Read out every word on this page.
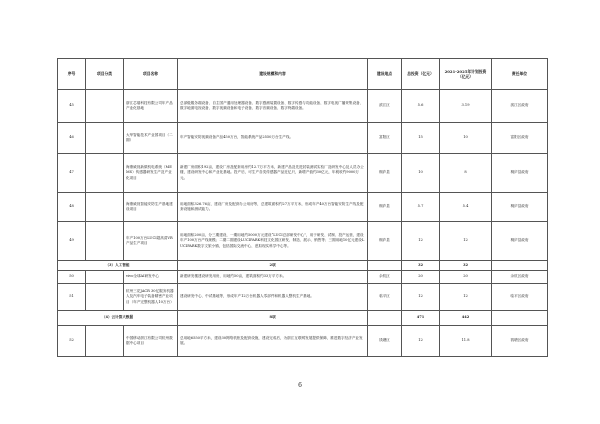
序号	项目分类	项目名称	建设规模和内容	建设地点	总投资（亿元）	2021-2025年计划投资（亿元）	责任单位
45		浙江芯瑞科技有限公司年产品产业化基地	总部级服务端设备、自主国产通用处理器设备、数字感测装置设备、数字传感与功能设备、数字电视广播采集设备、数字地面电视设备、数字视频设备和电子设备、数字音频设备、数字终端设备。	滨江区	5.6	3.19	滨江区政府
46		大华智能技术产业园项目（二期）	年产智能安防视频设备产品450万台，智能系统产品2550万台生产线。	富阳区	15	10	富阳区政府
47		海康威视新微机电系统（MEMS）传感器研发生产及产业化项目	新建厂房面积192亩，建设厂房及配套用房约12.7万平方米，新建产品及先进封装测试实验厂及研发中心及人员办公楼，建设研发中心和产业化基地。投产后，可生产各类传感器产品近亿只，新增产值约30亿元，年税收约9000万元。	桐庐县	10	8	桐庐县政府
48		海康威视智能安防生产基地建设项目	用地面积326.76亩，建设厂房及配套办公用房等，总建筑面积约27万平方米，形成年产40万台智能安防生产线及配套设施和测试能力。	桐庐县	5.7	5.4	桐庐县政府
49		年产100万台LUCI超高清VR产品生产项目	用地面积200亩，分三期建设，一期用地约5000万元建设“LUCI总部研发中心”，用于研发、试制、投产运营，建设年产100万台产线规模；二期二期建设LUCIPARK科技文化园区研发、制造、展示、销售等；三期用地10亿元建设LUCIPARK数字文旅小镇，包括国际交流中心、虚拟现实科学中心等。	桐庐县	12	12	桐庐县政府
（3）人工智能			2项		32	32	
50		vivo全球AI研发中心	新建研发楼建设研发用房，用地约50亩，建筑面积约33万平方米。	余杭区	20	20	余杭区政府
51		杭州三花JACR 30亿服务机器人及汽车电子装备精密产业项目（年产完整机器人10万台）	建设研发中心、中试基地等，形成年产12万台机器人零部件和机器人整机生产基地。	临平区	12	12	临平区政府
（4）云计算大数据			8项		471	442	
52		中国移动浙江有限公司杭州数据中心项目	总用地6550平方米，建设30网络机柜及配套设施，建设完成后，为浙江互联网发展提供保障，推进数字经济产业发展。	钱塘区	12	11.8	钱塘区政府
6
